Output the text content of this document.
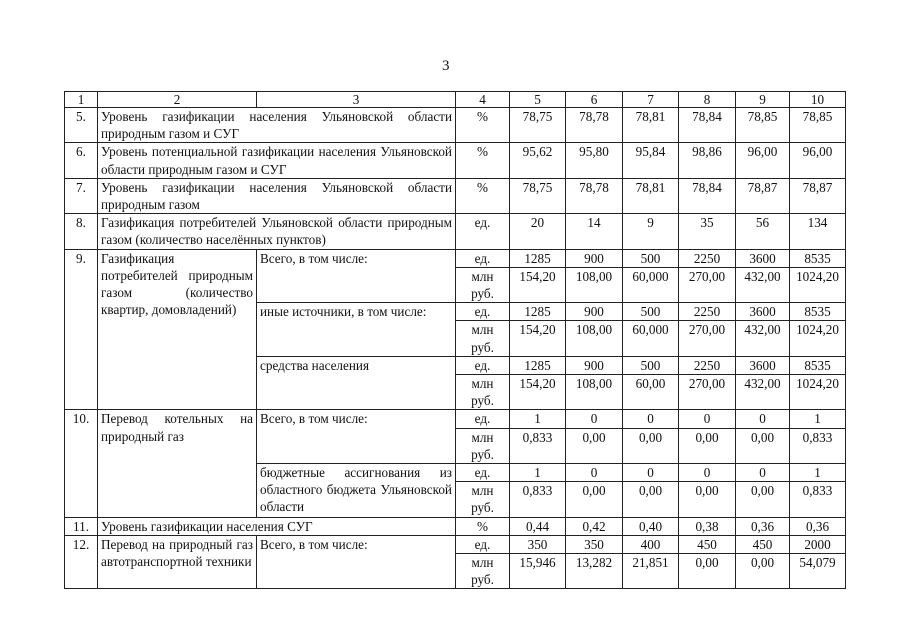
3
1	2	3	4	5	6	7	8	9	10
5.	Уровень газификации населения Ульяновской области природным газом и СУГ		%	78,75	78,78	78,81	78,84	78,85	78,85
6.	Уровень потенциальной газификации населения Ульяновской области природным газом и СУГ		%	95,62	95,80	95,84	98,86	96,00	96,00
7.	Уровень газификации населения Ульяновской области природным газом		%	78,75	78,78	78,81	78,84	78,87	78,87
8.	Газификация потребителей Ульяновской области природным газом (количество населённых пунктов)		ед.	20	14	9	35	56	134
9.	Газификация потребителей природным газом (количество квартир, домовладений)	Всего, в том числе:	ед.	1285	900	500	2250	3600	8535
			млн руб.	154,20	108,00	60,000	270,00	432,00	1024,20
		иные источники, в том числе:	ед.	1285	900	500	2250	3600	8535
			млн руб.	154,20	108,00	60,000	270,00	432,00	1024,20
		средства населения	ед.	1285	900	500	2250	3600	8535
			млн руб.	154,20	108,00	60,00	270,00	432,00	1024,20
10.	Перевод котельных на природный газ	Всего, в том числе:	ед.	1	0	0	0	0	1
			млн руб.	0,833	0,00	0,00	0,00	0,00	0,833
		бюджетные ассигнования из областного бюджета Ульяновской области	ед.	1	0	0	0	0	1
			млн руб.	0,833	0,00	0,00	0,00	0,00	0,833
11.	Уровень газификации населения СУГ		%	0,44	0,42	0,40	0,38	0,36	0,36
12.	Перевод на природный газ автотранспортной техники	Всего, в том числе:	ед.	350	350	400	450	450	2000
			млн руб.	15,946	13,282	21,851	0,00	0,00	54,079
